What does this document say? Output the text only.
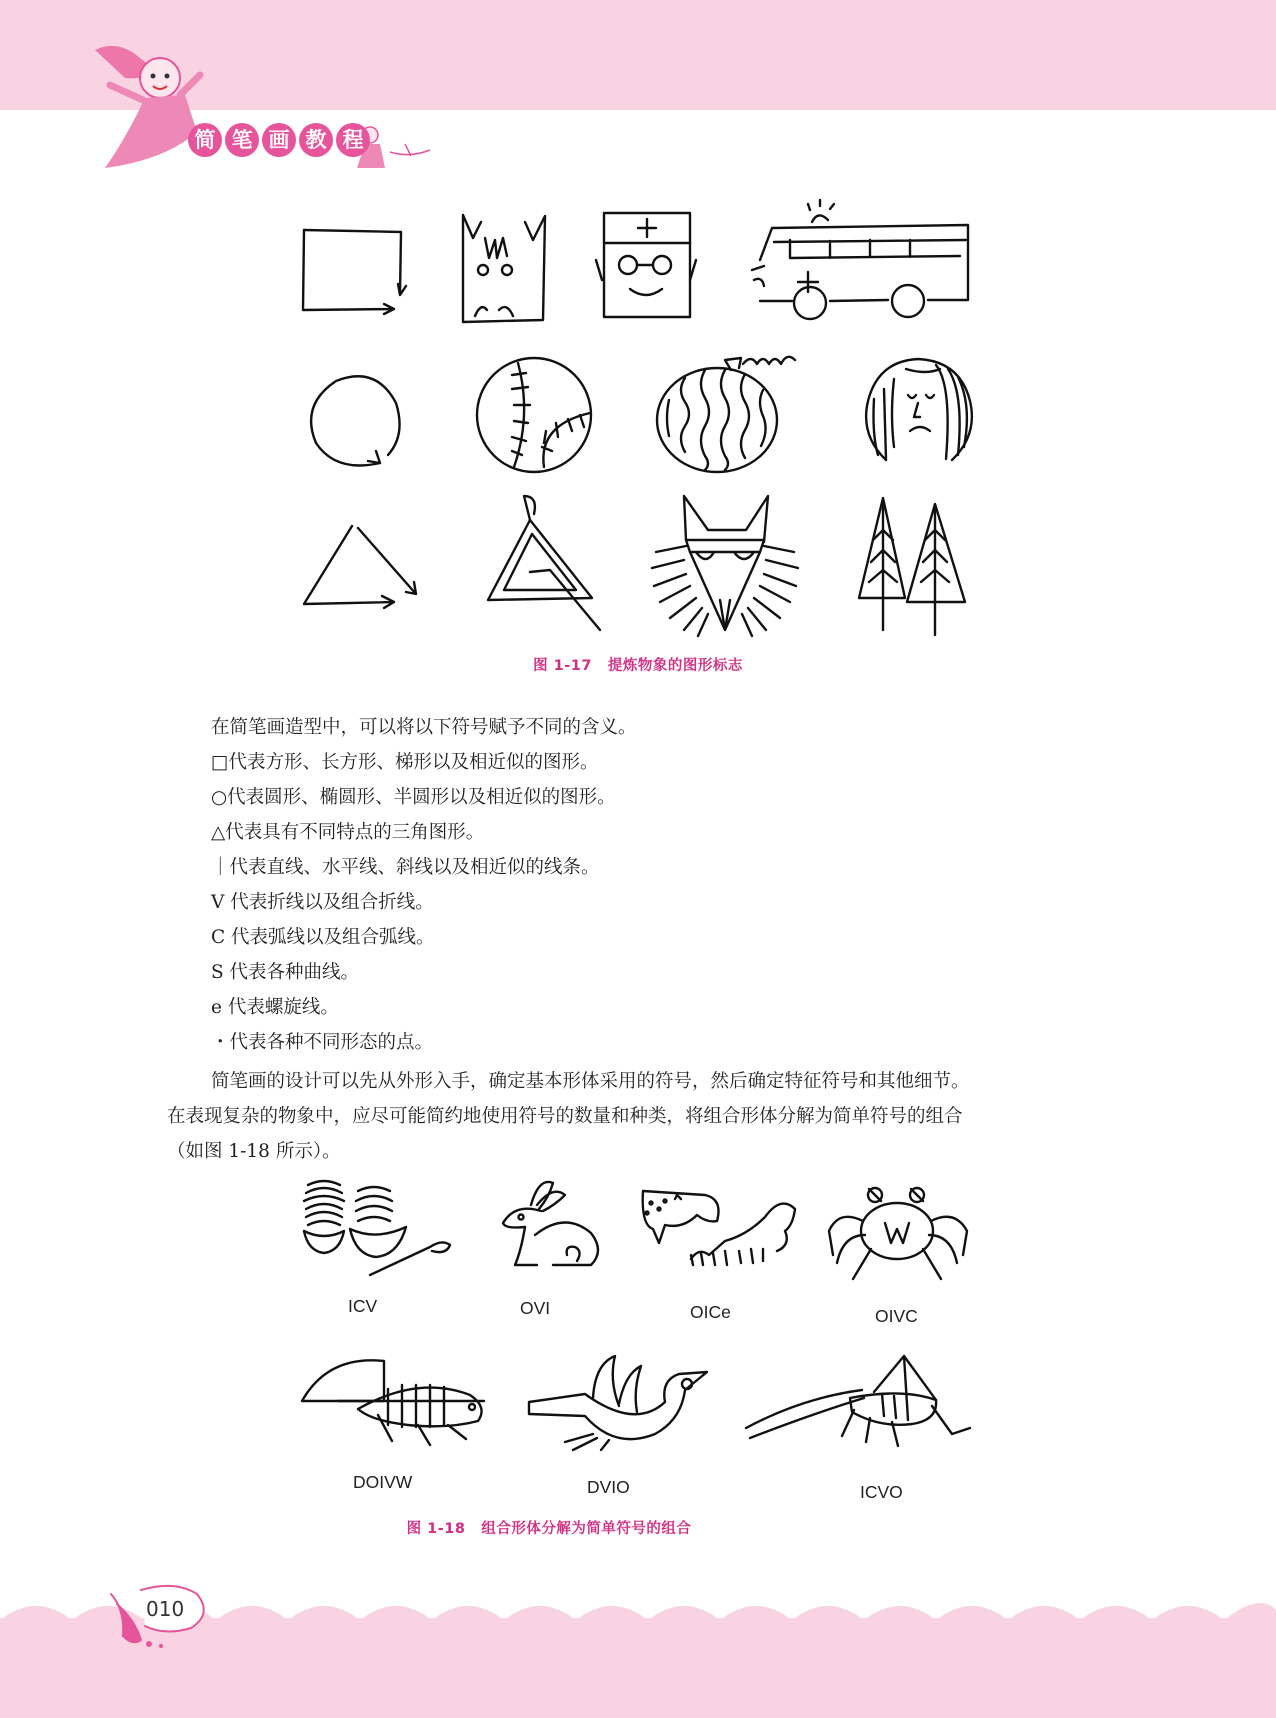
简 笔 画 教 程
图 1-17 提炼物象的图形标志
在简笔画造型中，可以将以下符号赋予不同的含义。
□代表方形、长方形、梯形以及相近似的图形。
○代表圆形、椭圆形、半圆形以及相近似的图形。
△代表具有不同特点的三角图形。
｜代表直线、水平线、斜线以及相近似的线条。
V 代表折线以及组合折线。
C 代表弧线以及组合弧线。
S 代表各种曲线。
e 代表螺旋线。
・代表各种不同形态的点。
简笔画的设计可以先从外形入手，确定基本形体采用的符号，然后确定特征符号和其他细节。
在表现复杂的物象中，应尽可能简约地使用符号的数量和种类，将组合形体分解为简单符号的组合
（如图 1-18 所示）。
ICV	OVI	OICe	OIVC
DOIVW	DVIO	ICVO
图 1-18 组合形体分解为简单符号的组合
010
